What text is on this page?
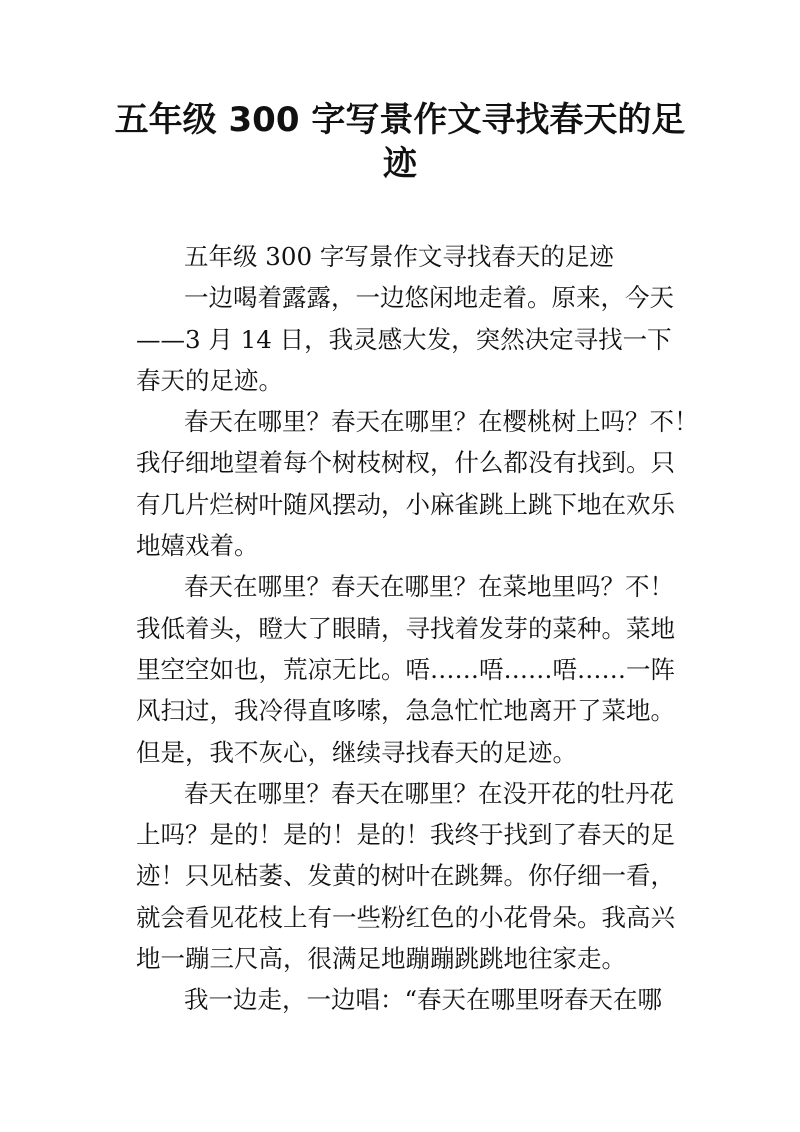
五年级 300 字写景作文寻找春天的足
迹
五年级 300 字写景作文寻找春天的足迹
一边喝着露露，一边悠闲地走着。原来，今天
——3 月 14 日，我灵感大发，突然决定寻找一下
春天的足迹。
春天在哪里？春天在哪里？在樱桃树上吗？不！
我仔细地望着每个树枝树杈，什么都没有找到。只
有几片烂树叶随风摆动，小麻雀跳上跳下地在欢乐
地嬉戏着。
春天在哪里？春天在哪里？在菜地里吗？不！
我低着头，瞪大了眼睛，寻找着发芽的菜种。菜地
里空空如也，荒凉无比。唔……唔……唔……一阵
风扫过，我冷得直哆嗦，急急忙忙地离开了菜地。
但是，我不灰心，继续寻找春天的足迹。
春天在哪里？春天在哪里？在没开花的牡丹花
上吗？是的！是的！是的！我终于找到了春天的足
迹！只见枯萎、发黄的树叶在跳舞。你仔细一看，
就会看见花枝上有一些粉红色的小花骨朵。我高兴
地一蹦三尺高，很满足地蹦蹦跳跳地往家走。
我一边走，一边唱：“春天在哪里呀春天在哪
